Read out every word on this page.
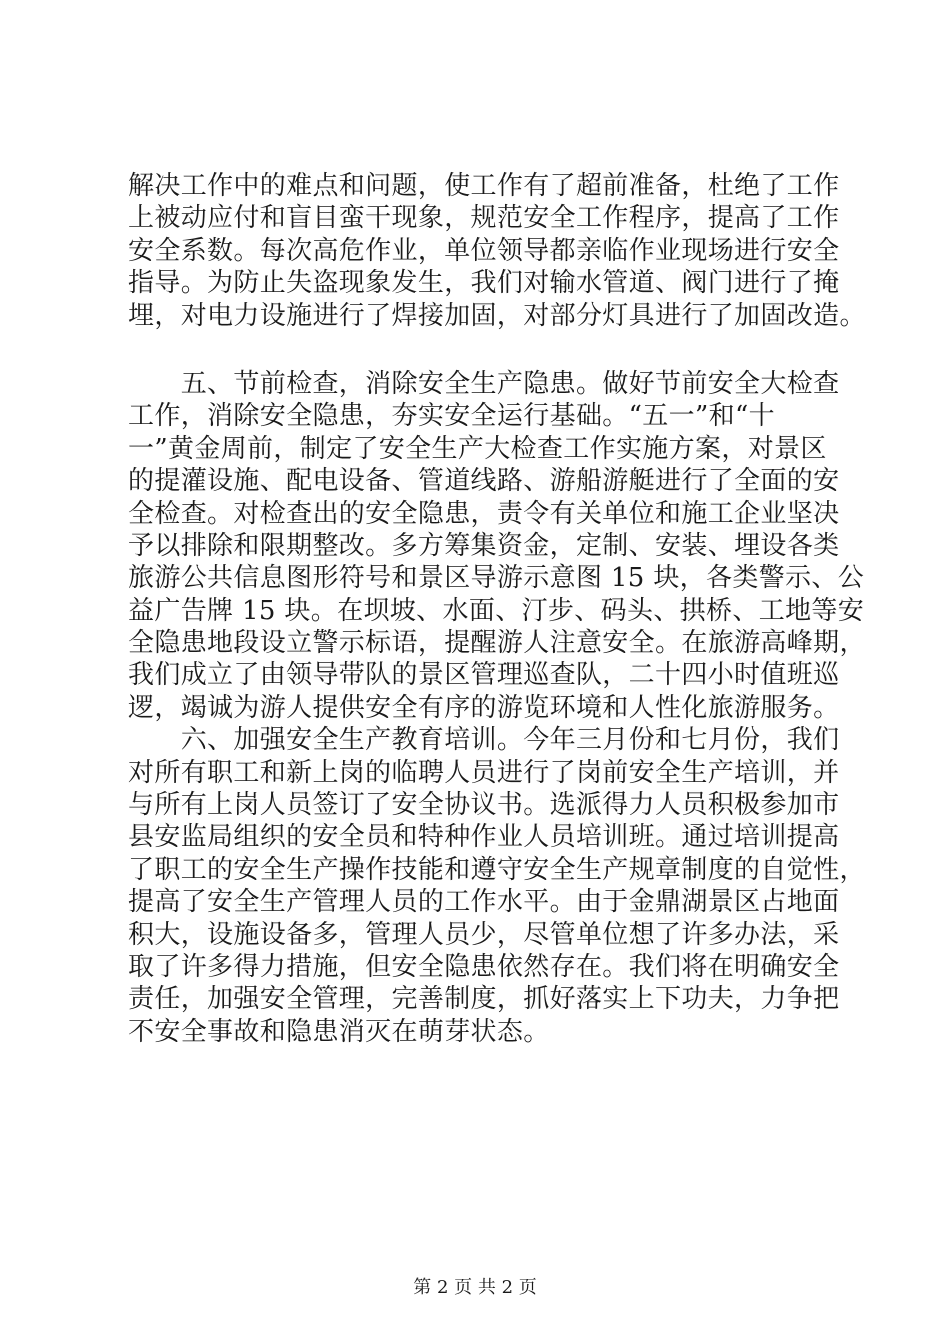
解决工作中的难点和问题，使工作有了超前准备，杜绝了工作
上被动应付和盲目蛮干现象，规范安全工作程序，提高了工作
安全系数。每次高危作业，单位领导都亲临作业现场进行安全
指导。为防止失盗现象发生，我们对输水管道、阀门进行了掩
埋，对电力设施进行了焊接加固，对部分灯具进行了加固改造。
　　五、节前检查，消除安全生产隐患。做好节前安全大检查
工作，消除安全隐患，夯实安全运行基础。“五一”和“十
一”黄金周前，制定了安全生产大检查工作实施方案，对景区
的提灌设施、配电设备、管道线路、游船游艇进行了全面的安
全检查。对检查出的安全隐患，责令有关单位和施工企业坚决
予以排除和限期整改。多方筹集资金，定制、安装、埋设各类
旅游公共信息图形符号和景区导游示意图 15 块，各类警示、公
益广告牌 15 块。在坝坡、水面、汀步、码头、拱桥、工地等安
全隐患地段设立警示标语，提醒游人注意安全。在旅游高峰期，
我们成立了由领导带队的景区管理巡查队，二十四小时值班巡
逻，竭诚为游人提供安全有序的游览环境和人性化旅游服务。
　　六、加强安全生产教育培训。今年三月份和七月份，我们
对所有职工和新上岗的临聘人员进行了岗前安全生产培训，并
与所有上岗人员签订了安全协议书。选派得力人员积极参加市
县安监局组织的安全员和特种作业人员培训班。通过培训提高
了职工的安全生产操作技能和遵守安全生产规章制度的自觉性，
提高了安全生产管理人员的工作水平。由于金鼎湖景区占地面
积大，设施设备多，管理人员少，尽管单位想了许多办法，采
取了许多得力措施，但安全隐患依然存在。我们将在明确安全
责任，加强安全管理，完善制度，抓好落实上下功夫，力争把
不安全事故和隐患消灭在萌芽状态。
第 2 页 共 2 页
